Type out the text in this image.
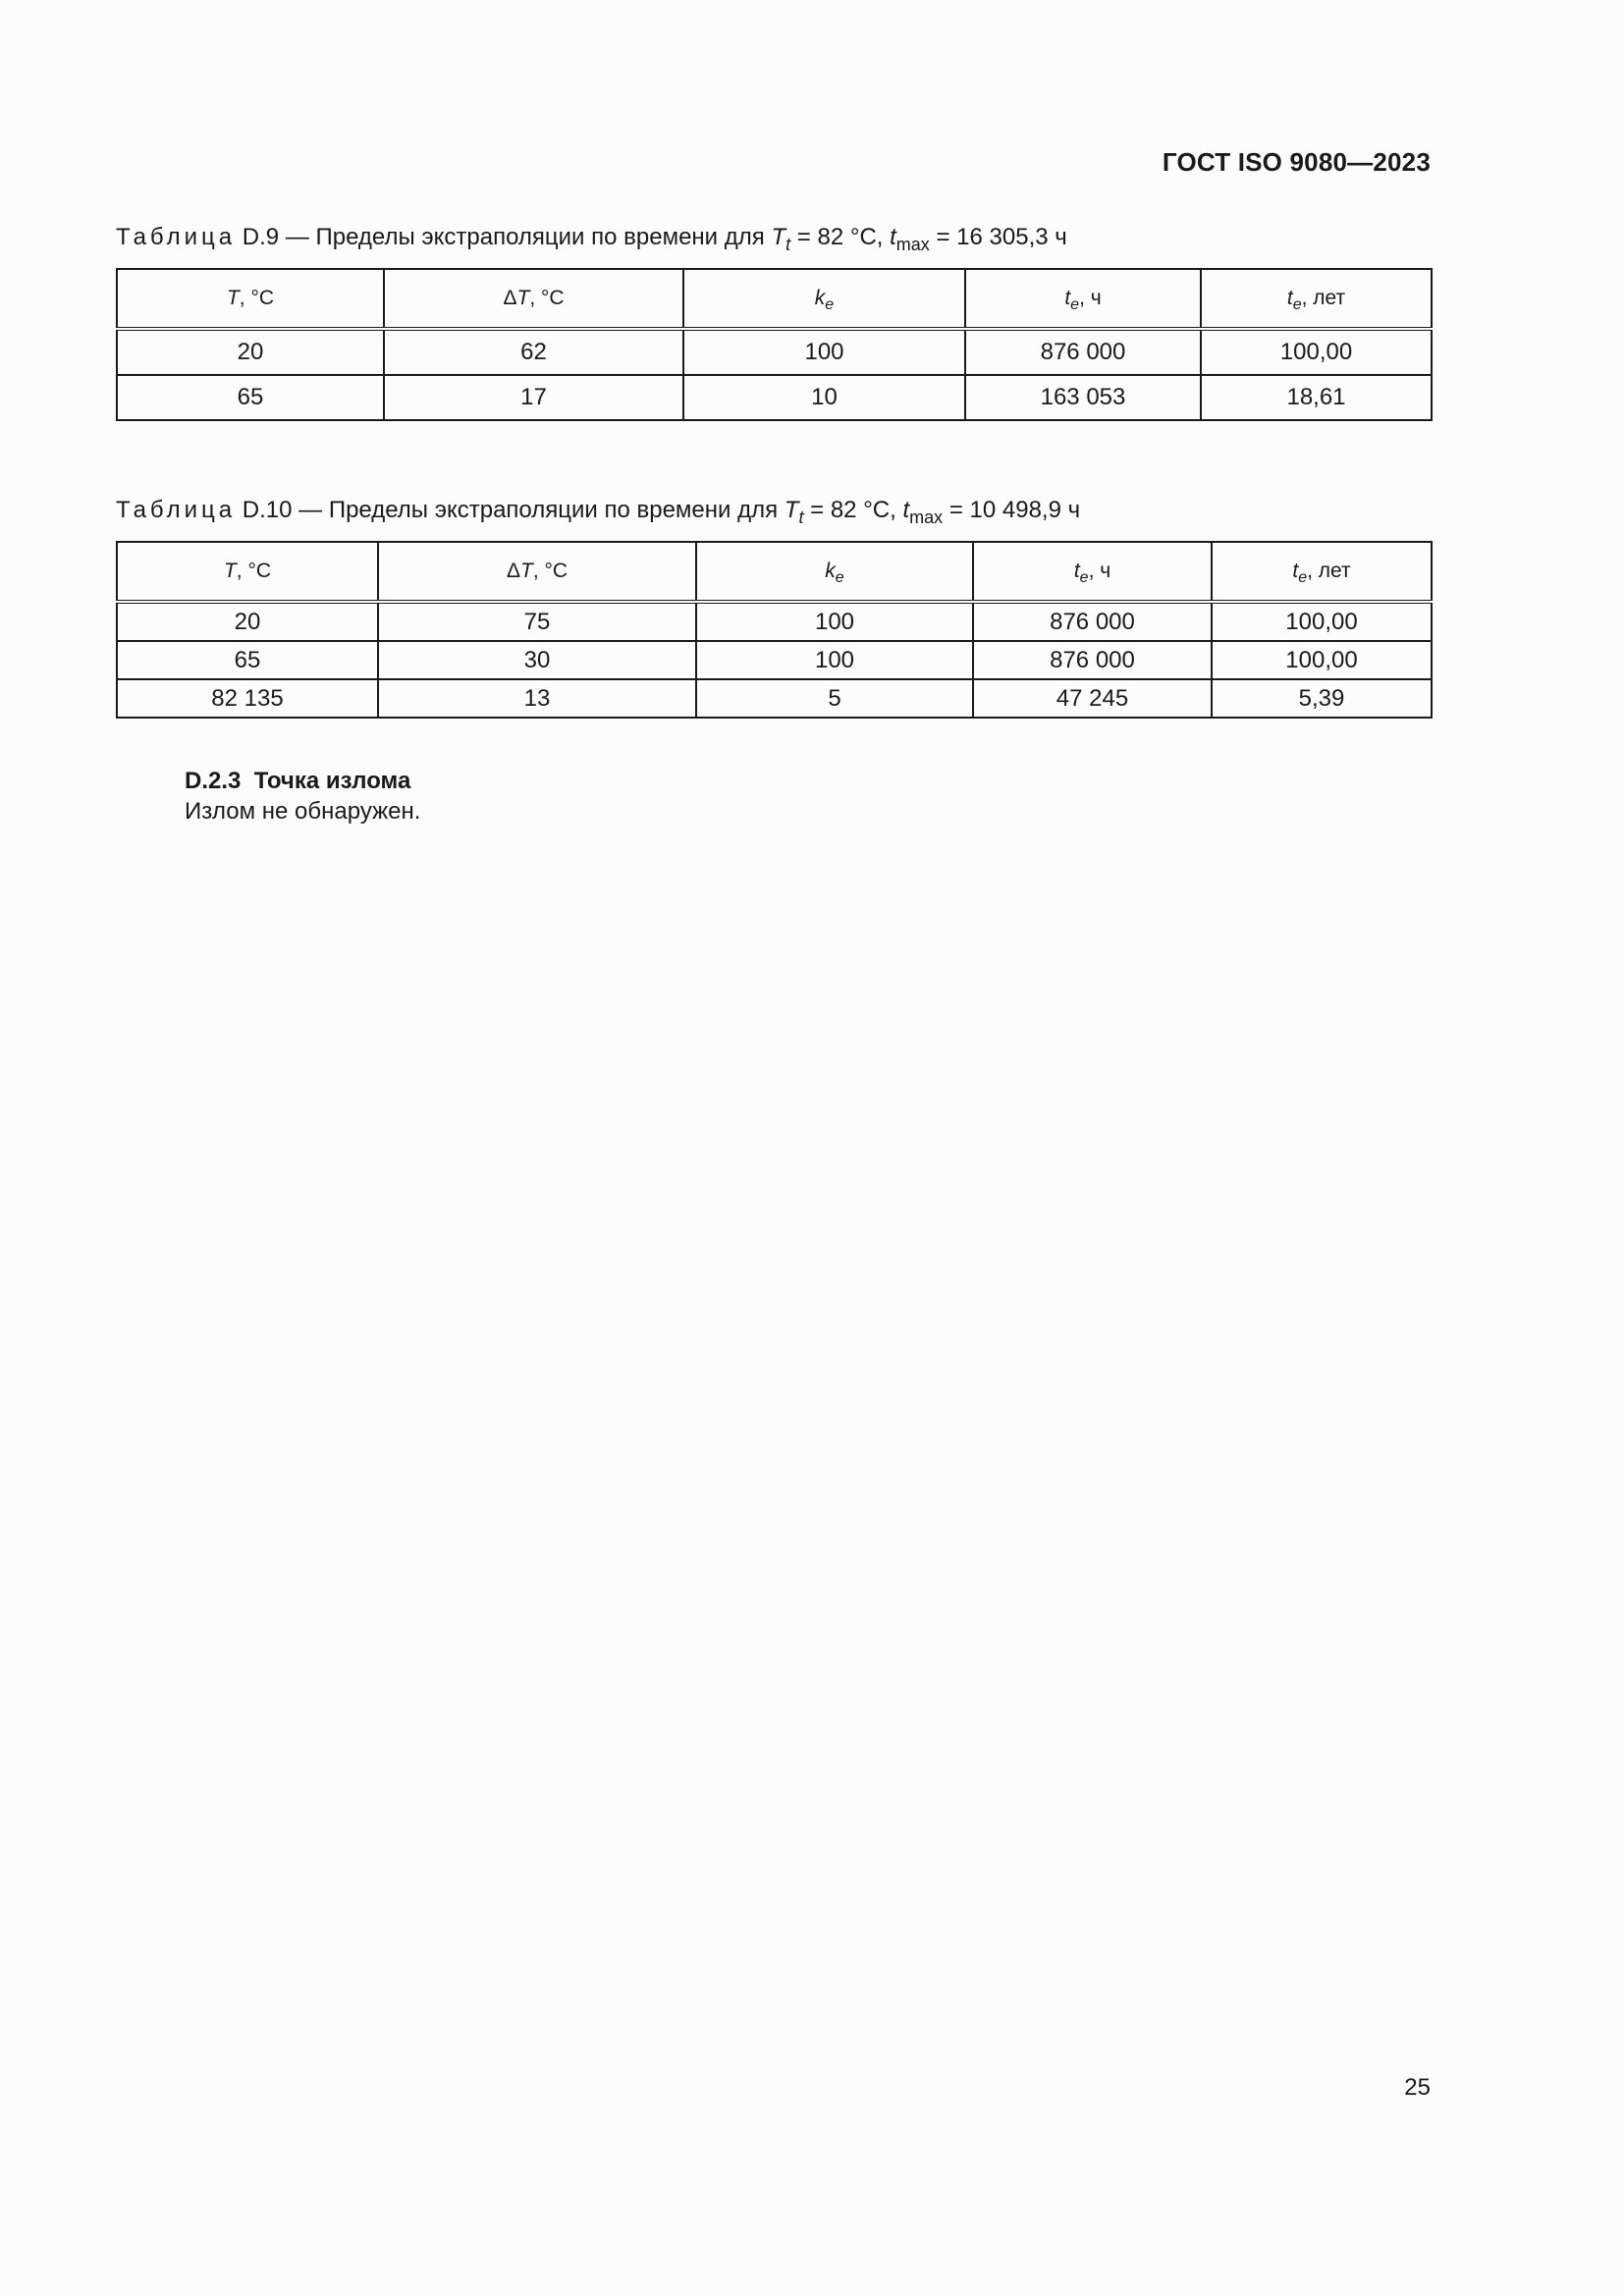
ГОСТ ISO 9080—2023
Таблица D.9 — Пределы экстраполяции по времени для $T_t = 82$ °C, $t_{max} = 16$ 305,3 ч
T, °C	ΔT, °C	$k_e$	$t_e$, ч	$t_e$, лет
20	62	100	876 000	100,00
65	17	10	163 053	18,61
Таблица D.10 — Пределы экстраполяции по времени для $T_t = 82$ °C, $t_{max} = 10$ 498,9 ч
T, °C	ΔT, °C	$k_e$	$t_e$, ч	$t_e$, лет
20	75	100	876 000	100,00
65	30	100	876 000	100,00
82 135	13	5	47 245	5,39
D.2.3 Точка излома
Излом не обнаружен.
25
